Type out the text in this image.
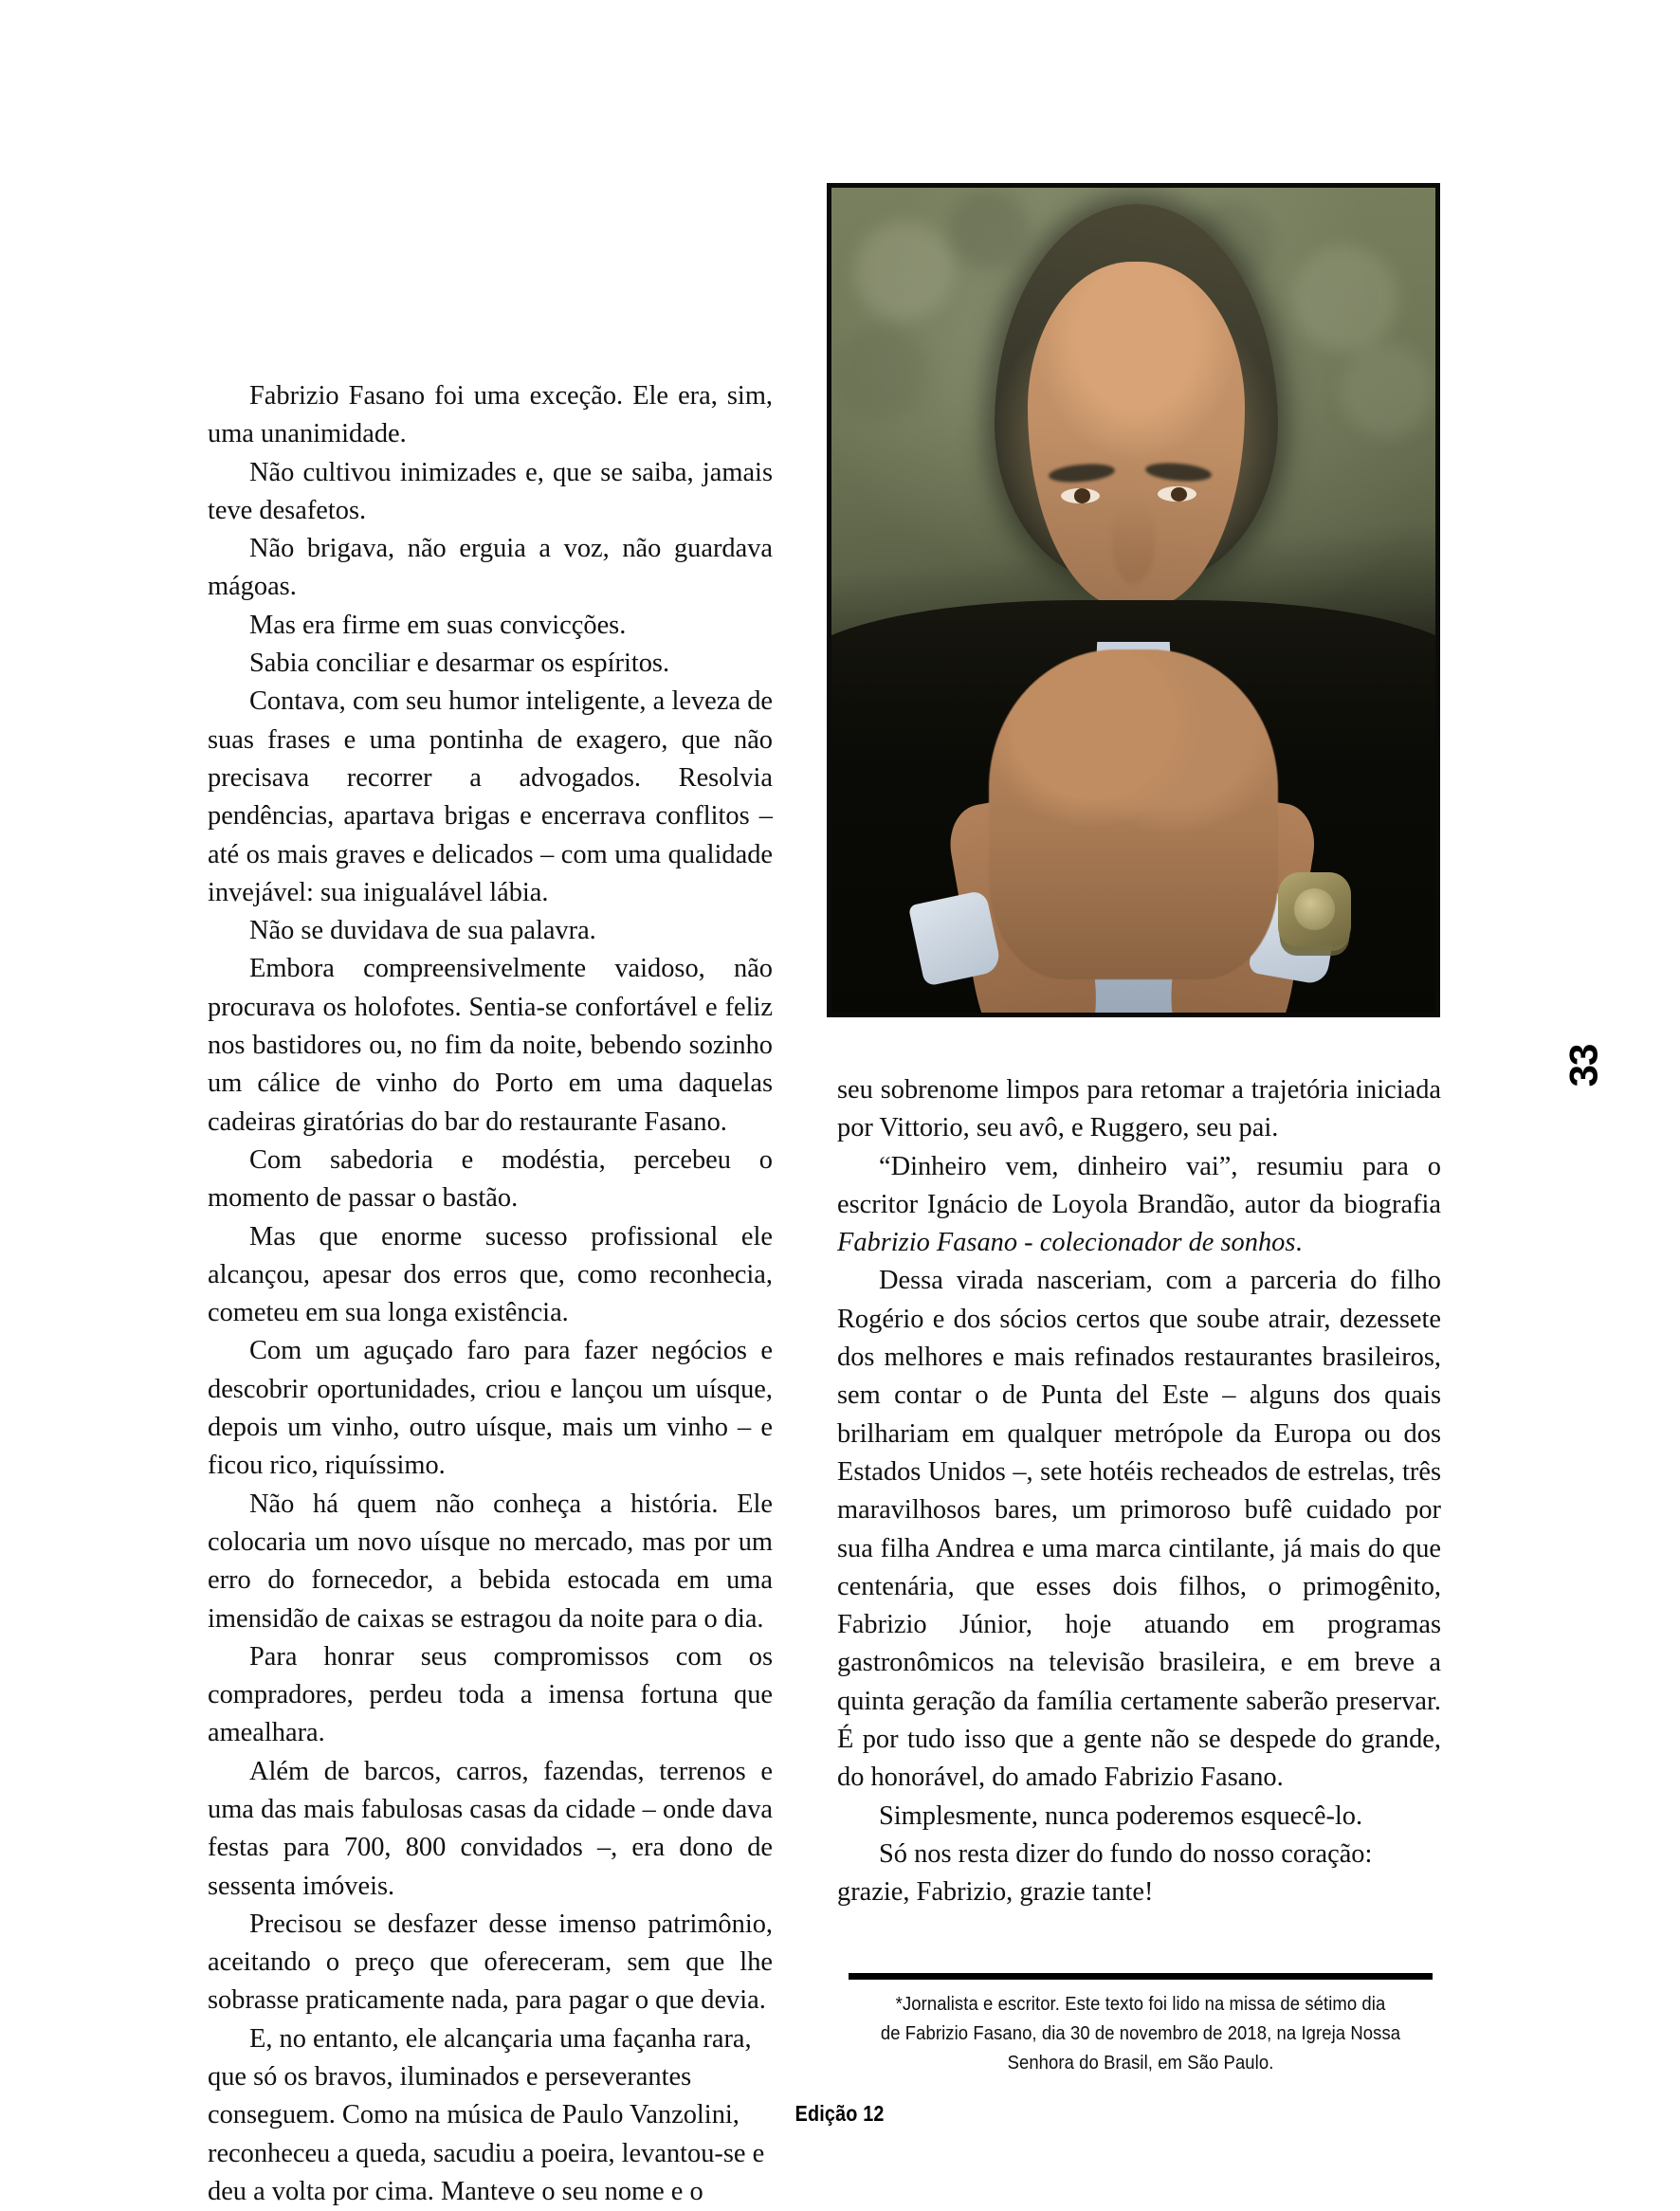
33

Fabrizio Fasano foi uma exceção. Ele era, sim, uma unanimidade.

Não cultivou inimizades e, que se saiba, jamais teve desafetos.

Não brigava, não erguia a voz, não guardava mágoas.

Mas era firme em suas convicções.

Sabia conciliar e desarmar os espíritos.

Contava, com seu humor inteligente, a leveza de suas frases e uma pontinha de exagero, que não precisava recorrer a advogados. Resolvia pendências, apartava brigas e encerrava conflitos – até os mais graves e delicados – com uma qualidade invejável: sua inigualável lábia.

Não se duvidava de sua palavra.

Embora compreensivelmente vaidoso, não procurava os holofotes. Sentia-se confortável e feliz nos bastidores ou, no fim da noite, bebendo sozinho um cálice de vinho do Porto em uma daquelas cadeiras giratórias do bar do restaurante Fasano.

Com sabedoria e modéstia, percebeu o momento de passar o bastão.

Mas que enorme sucesso profissional ele alcançou, apesar dos erros que, como reconhecia, cometeu em sua longa existência.

Com um aguçado faro para fazer negócios e descobrir oportunidades, criou e lançou um uísque, depois um vinho, outro uísque, mais um vinho – e ficou rico, riquíssimo.

Não há quem não conheça a história. Ele colocaria um novo uísque no mercado, mas por um erro do fornecedor, a bebida estocada em uma imensidão de caixas se estragou da noite para o dia.

Para honrar seus compromissos com os compradores, perdeu toda a imensa fortuna que amealhara.

Além de barcos, carros, fazendas, terrenos e uma das mais fabulosas casas da cidade – onde dava festas para 700, 800 convidados –, era dono de sessenta imóveis.

Precisou se desfazer desse imenso patrimônio, aceitando o preço que ofereceram, sem que lhe sobrasse praticamente nada, para pagar o que devia.

E, no entanto, ele alcançaria uma façanha rara, que só os bravos, iluminados e perseverantes conseguem. Como na música de Paulo Vanzolini, reconheceu a queda, sacudiu a poeira, levantou-se e deu a volta por cima. Manteve o seu nome e o

seu sobrenome limpos para retomar a trajetória iniciada por Vittorio, seu avô, e Ruggero, seu pai.

“Dinheiro vem, dinheiro vai”, resumiu para o escritor Ignácio de Loyola Brandão, autor da biografia Fabrizio Fasano - colecionador de sonhos.

Dessa virada nasceriam, com a parceria do filho Rogério e dos sócios certos que soube atrair, dezessete dos melhores e mais refinados restaurantes brasileiros, sem contar o de Punta del Este – alguns dos quais brilhariam em qualquer metrópole da Europa ou dos Estados Unidos –, sete hotéis recheados de estrelas, três maravilhosos bares, um primoroso bufê cuidado por sua filha Andrea e uma marca cintilante, já mais do que centenária, que esses dois filhos, o primogênito, Fabrizio Júnior, hoje atuando em programas gastronômicos na televisão brasileira, e em breve a quinta geração da família certamente saberão preservar. É por tudo isso que a gente não se despede do grande, do honorável, do amado Fabrizio Fasano.

Simplesmente, nunca poderemos esquecê-lo.

Só nos resta dizer do fundo do nosso coração: grazie, Fabrizio, grazie tante!

*Jornalista e escritor. Este texto foi lido na missa de sétimo dia
de Fabrizio Fasano, dia 30 de novembro de 2018, na Igreja Nossa
Senhora do Brasil, em São Paulo.
Edição 12
